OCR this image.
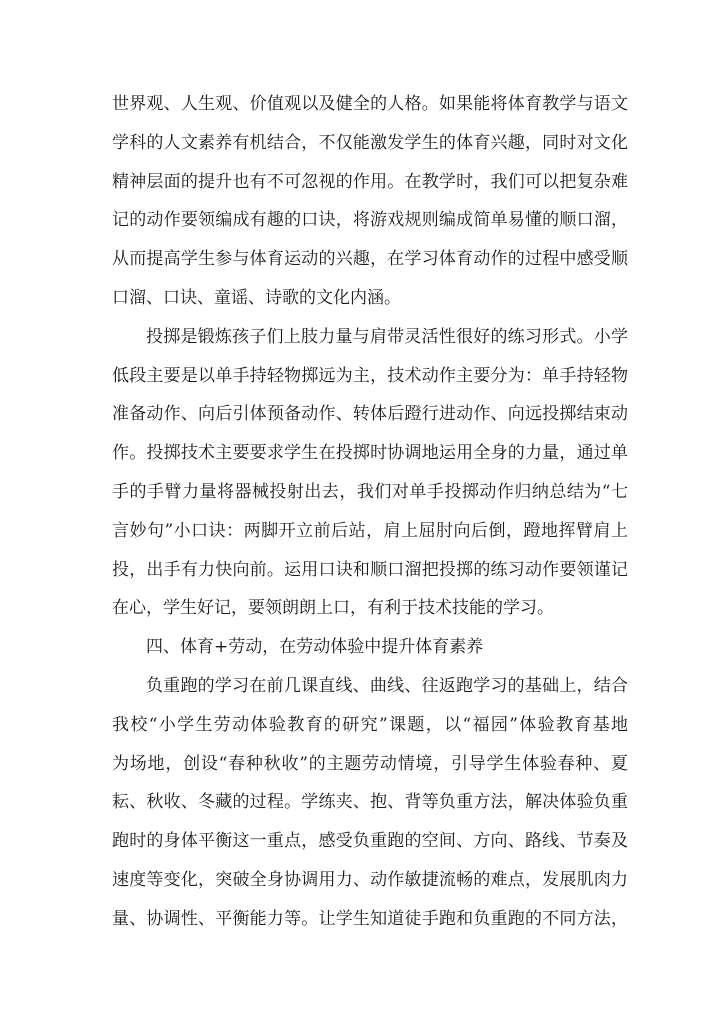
世界观、人生观、价值观以及健全的人格。如果能将体育教学与语文
学科的人文素养有机结合，不仅能激发学生的体育兴趣，同时对文化
精神层面的提升也有不可忽视的作用。在教学时，我们可以把复杂难
记的动作要领编成有趣的口诀，将游戏规则编成简单易懂的顺口溜，
从而提高学生参与体育运动的兴趣，在学习体育动作的过程中感受顺
口溜、口诀、童谣、诗歌的文化内涵。
投掷是锻炼孩子们上肢力量与肩带灵活性很好的练习形式。小学
低段主要是以单手持轻物掷远为主，技术动作主要分为：单手持轻物
准备动作、向后引体预备动作、转体后蹬行进动作、向远投掷结束动
作。投掷技术主要要求学生在投掷时协调地运用全身的力量，通过单
手的手臂力量将器械投射出去，我们对单手投掷动作归纳总结为“七
言妙句”小口诀：两脚开立前后站，肩上屈肘向后倒，蹬地挥臂肩上
投，出手有力快向前。运用口诀和顺口溜把投掷的练习动作要领谨记
在心，学生好记，要领朗朗上口，有利于技术技能的学习。
四、体育+劳动，在劳动体验中提升体育素养
负重跑的学习在前几课直线、曲线、往返跑学习的基础上，结合
我校“小学生劳动体验教育的研究”课题，以“福园”体验教育基地
为场地，创设“春种秋收”的主题劳动情境，引导学生体验春种、夏
耘、秋收、冬藏的过程。学练夹、抱、背等负重方法，解决体验负重
跑时的身体平衡这一重点，感受负重跑的空间、方向、路线、节奏及
速度等变化，突破全身协调用力、动作敏捷流畅的难点，发展肌肉力
量、协调性、平衡能力等。让学生知道徒手跑和负重跑的不同方法，
